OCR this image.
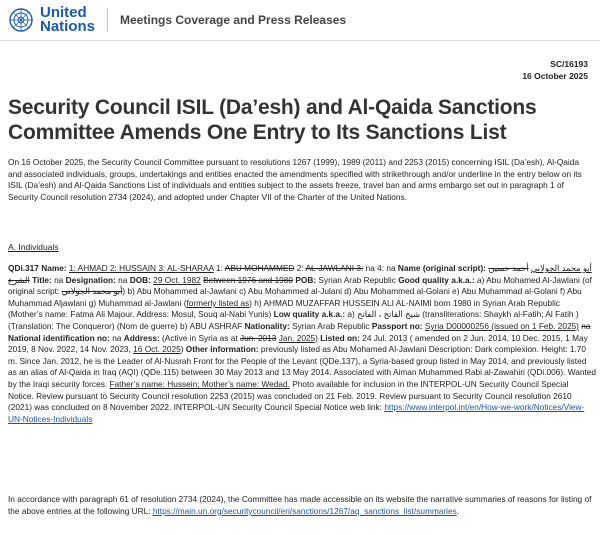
United
Nations Meetings Coverage and Press Releases
SC/16193
16 October 2025
Security Council ISIL (Da’esh) and Al-Qaida Sanctions Committee Amends One Entry to Its Sanctions List

On 16 October 2025, the Security Council Committee pursuant to resolutions 1267 (1999), 1989 (2011) and 2253 (2015) concerning ISIL (Da’esh), Al-Qaida and associated individuals, groups, undertakings and entities enacted the amendments specified with strikethrough and/or underline in the entry below on its ISIL (Da’esh) and Al-Qaida Sanctions List of individuals and entities subject to the assets freeze, travel ban and arms embargo set out in paragraph 1 of Security Council resolution 2734 (2024), and adopted under Chapter VII of the Charter of the United Nations.

A. Individuals

QDi.317 Name: 1: AHMAD 2: HUSSAIN 3: AL-SHARAA 1: ABU MOHAMMED 2: AL-JAWLANI 3: na 4: na Name (original script):	أبو محمد الجولاني أحمد حسين الشرع Title: na Designation: na DOB: 29 Oct. 1982 Between 1976 and 1980 POB: Syrian Arab Republic Good quality a.k.a.: a) Abu Mohamed Al-Jawlani (of original script: أبو محمد الجولاني) b) Abu Mohammed al-Jawlani c) Abu Mohammed al-Julani d) Abu Mohammed al-Golani e) Abu Muhammad al-Golani f) Abu Muhammad Aljawlani g) Muhammad al-Jawlani (formerly listed as) h) AHMAD MUZAFFAR HUSSEIN ALI AL-NAIMI born 1980 in Syrian Arab Republic (Mother’s name: Fatma Ali Majour. Address: Mosul, Souq al-Nabi Yunis) Low quality a.k.a.: a) شيخ الفاتح ، الفاتح (transliterations: Shaykh al-Fatih; Al Fatih ) (Translation: The Conqueror) (Nom de guerre) b) ABU ASHRAF Nationality: Syrian Arab Republic Passport no: Syria D00000256 (issued on 1 Feb. 2025) na National identification no: na Address: (Active in Syria as at Jun. 2013 Jan. 2025) Listed on: 24 Jul. 2013 ( amended on 2 Jun. 2014, 10 Dec. 2015, 1 May 2019, 8 Nov. 2022, 14 Nov. 2023, 16 Oct. 2025) Other information: previously listed as Abu Mohamed Al-Jawlani Description: Dark complexion. Height: 1.70 m. Since Jan. 2012, he is the Leader of Al-Nusrah Front for the People of the Levant (QDe.137), a Syria-based group listed in May 2014, and previously listed as an alias of Al-Qaida in Iraq (AQI) (QDe.115) between 30 May 2013 and 13 May 2014. Associated with Aiman Muhammed Rabi al-Zawahiri (QDi.006). Wanted by the Iraqi security forces. Father’s name: Hussein; Mother’s name: Wedad. Photo available for inclusion in the INTERPOL-UN Security Council Special Notice. Review pursuant to Security Council resolution 2253 (2015) was concluded on 21 Feb. 2019. Review pursuant to Security Council resolution 2610 (2021) was concluded on 8 November 2022. INTERPOL-UN Security Council Special Notice web link: https://www.interpol.int/en/How-we-work/Notices/View-UN-Notices-Individuals

In accordance with paragraph 61 of resolution 2734 (2024), the Committee has made accessible on its website the narrative summaries of reasons for listing of the above entries at the following URL: https://main.un.org/securitycouncil/en/sanctions/1267/aq_sanctions_list/summaries.
